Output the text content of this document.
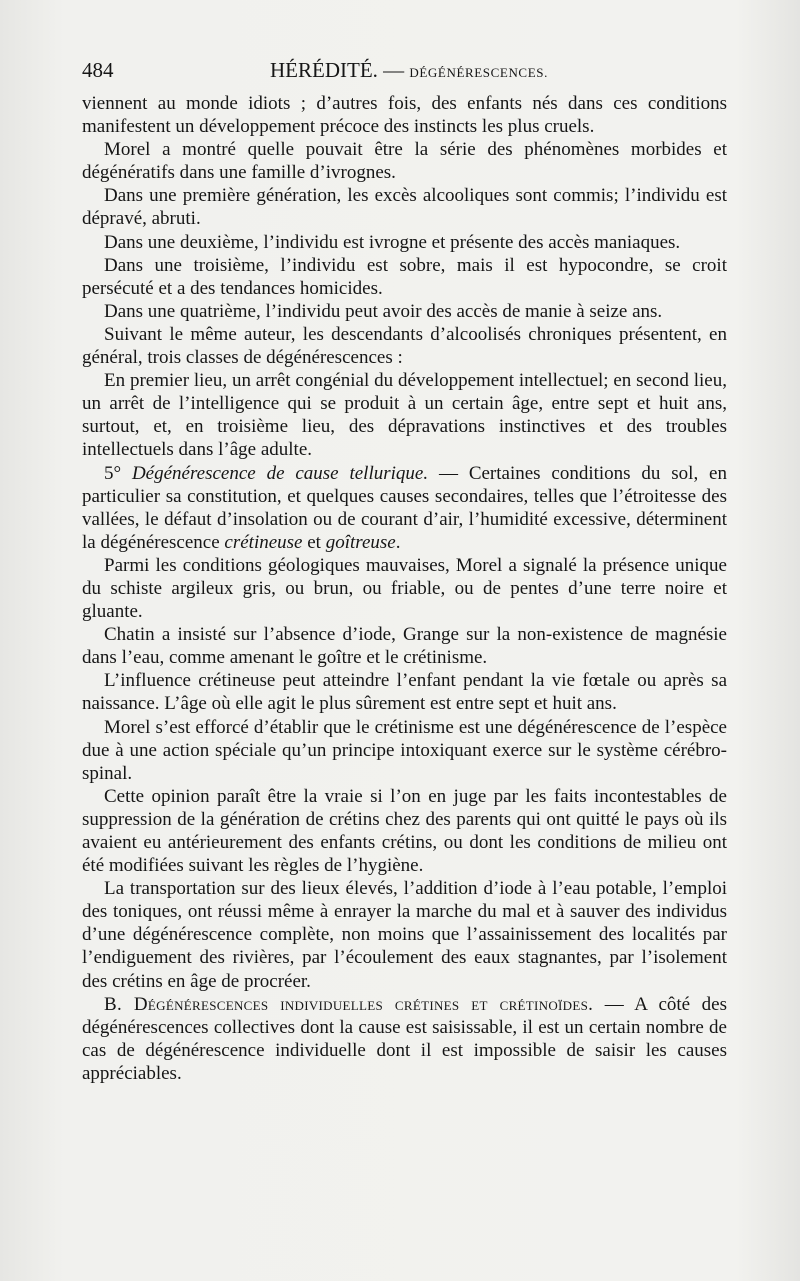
484	HÉRÉDITÉ. — DÉGÉNÉRESCENCES.

viennent au monde idiots ; d’autres fois, des enfants nés dans ces conditions manifestent un développement précoce des instincts les plus cruels.

Morel a montré quelle pouvait être la série des phénomènes morbides et dégénératifs dans une famille d’ivrognes.

Dans une première génération, les excès alcooliques sont commis; l’individu est dépravé, abruti.

Dans une deuxième, l’individu est ivrogne et présente des accès maniaques.

Dans une troisième, l’individu est sobre, mais il est hypocondre, se croit persécuté et a des tendances homicides.

Dans une quatrième, l’individu peut avoir des accès de manie à seize ans.

Suivant le même auteur, les descendants d’alcoolisés chroniques présentent, en général, trois classes de dégénérescences :

En premier lieu, un arrêt congénial du développement intellectuel; en second lieu, un arrêt de l’intelligence qui se produit à un certain âge, entre sept et huit ans, surtout, et, en troisième lieu, des dépravations instinctives et des troubles intellectuels dans l’âge adulte.

5° Dégénérescence de cause tellurique. — Certaines conditions du sol, en particulier sa constitution, et quelques causes secondaires, telles que l’étroitesse des vallées, le défaut d’insolation ou de courant d’air, l’humidité excessive, déterminent la dégénérescence crétineuse et goîtreuse.

Parmi les conditions géologiques mauvaises, Morel a signalé la présence unique du schiste argileux gris, ou brun, ou friable, ou de pentes d’une terre noire et gluante.

Chatin a insisté sur l’absence d’iode, Grange sur la non-existence de magnésie dans l’eau, comme amenant le goître et le crétinisme.

L’influence crétineuse peut atteindre l’enfant pendant la vie fœtale ou après sa naissance. L’âge où elle agit le plus sûrement est entre sept et huit ans.

Morel s’est efforcé d’établir que le crétinisme est une dégénérescence de l’espèce due à une action spéciale qu’un principe intoxiquant exerce sur le système cérébro-spinal.

Cette opinion paraît être la vraie si l’on en juge par les faits incontestables de suppression de la génération de crétins chez des parents qui ont quitté le pays où ils avaient eu antérieurement des enfants crétins, ou dont les conditions de milieu ont été modifiées suivant les règles de l’hygiène.

La transportation sur des lieux élevés, l’addition d’iode à l’eau potable, l’emploi des toniques, ont réussi même à enrayer la marche du mal et à sauver des individus d’une dégénérescence complète, non moins que l’assainissement des localités par l’endiguement des rivières, par l’écoulement des eaux stagnantes, par l’isolement des crétins en âge de procréer.

B. Dégénérescences individuelles crétines et crétinoïdes. — A côté des dégénérescences collectives dont la cause est saisissable, il est un certain nombre de cas de dégénérescence individuelle dont il est impossible de saisir les causes appréciables.
